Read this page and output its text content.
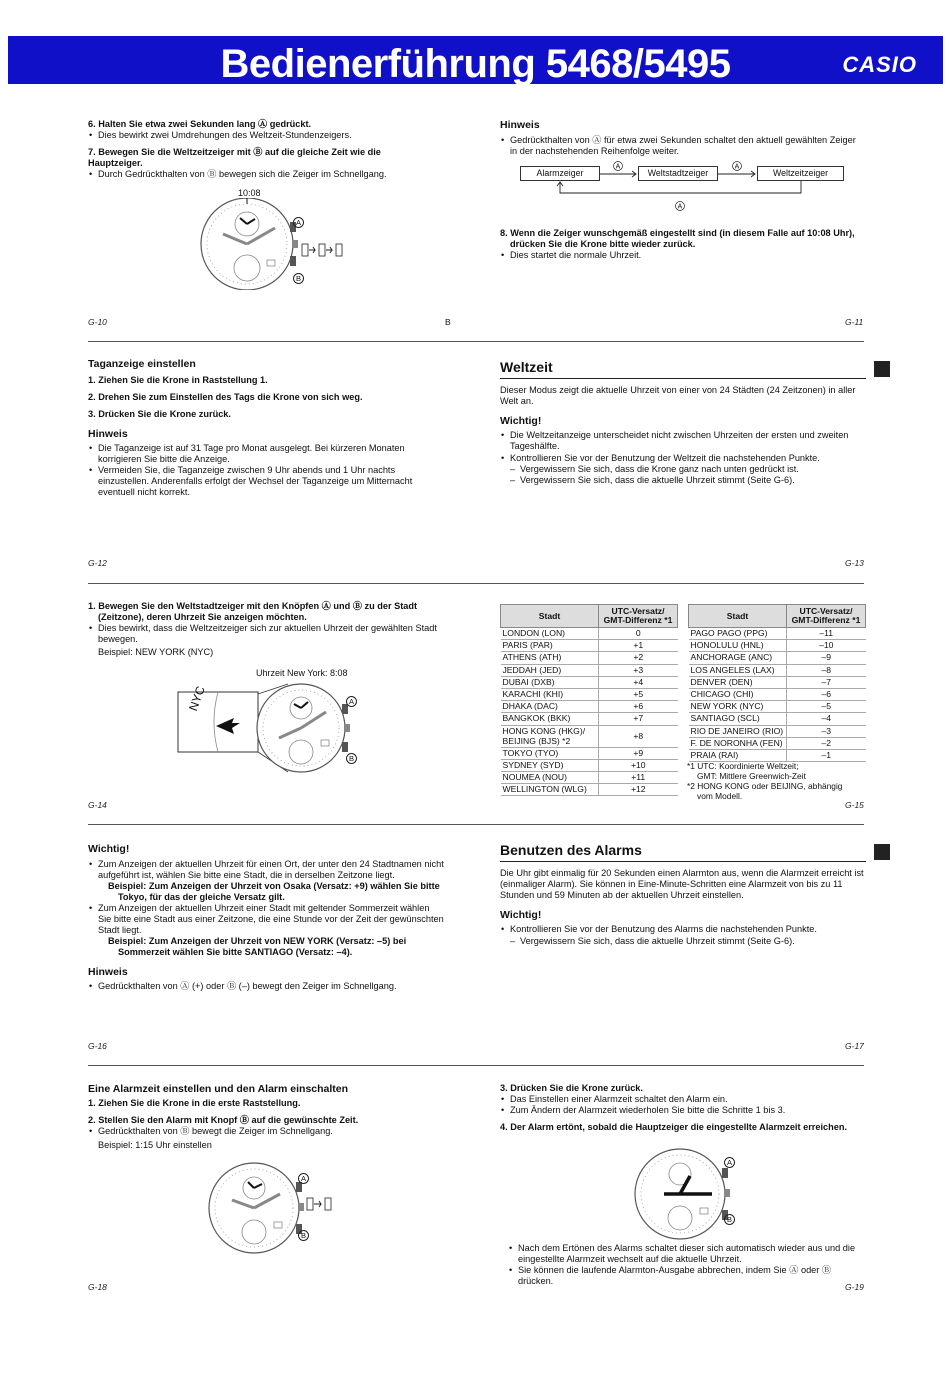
Bedienerführung 5468/5495	CASIO

6. Halten Sie etwa zwei Sekunden lang Ⓐ gedrückt.

• Dies bewirkt zwei Umdrehungen des Weltzeit-Stundenzeigers.

7. Bewegen Sie die Weltzeitzeiger mit Ⓑ auf die gleiche Zeit wie die Hauptzeiger.

• Durch Gedrückthalten von Ⓑ bewegen sich die Zeiger im Schnellgang.
10:08
A
B
G-10	B
Hinweis
• Gedrückthalten von Ⓐ für etwa zwei Sekunden schaltet den aktuell gewählten Zeiger in der nachstehenden Reihenfolge weiter.
Alarmzeiger	Weltstadtzeiger	Weltzeitzeiger
A	A
A

8. Wenn die Zeiger wunschgemäß eingestellt sind (in diesem Falle auf 10:08 Uhr), drücken Sie die Krone bitte wieder zurück.

• Dies startet die normale Uhrzeit.
G-11
Taganzeige einstellen

1. Ziehen Sie die Krone in Raststellung 1.

2. Drehen Sie zum Einstellen des Tags die Krone von sich weg.

3. Drücken Sie die Krone zurück.

Hinweis
• Die Taganzeige ist auf 31 Tage pro Monat ausgelegt. Bei kürzeren Monaten korrigieren Sie bitte die Anzeige.
• Vermeiden Sie, die Taganzeige zwischen 9 Uhr abends und 1 Uhr nachts einzustellen. Anderenfalls erfolgt der Wechsel der Taganzeige um Mitternacht eventuell nicht korrekt.
G-12
Weltzeit

Dieser Modus zeigt die aktuelle Uhrzeit von einer von 24 Städten (24 Zeitzonen) in aller Welt an.

Wichtig!
• Die Weltzeitanzeige unterscheidet nicht zwischen Uhrzeiten der ersten und zweiten Tageshälfte.
• Kontrollieren Sie vor der Benutzung der Weltzeit die nachstehenden Punkte.
– Vergewissern Sie sich, dass die Krone ganz nach unten gedrückt ist.
– Vergewissern Sie sich, dass die aktuelle Uhrzeit stimmt (Seite G-6).
G-13

1. Bewegen Sie den Weltstadtzeiger mit den Knöpfen Ⓐ und Ⓑ zu der Stadt (Zeitzone), deren Uhrzeit Sie anzeigen möchten.

• Dies bewirkt, dass die Weltzeitzeiger sich zur aktuellen Uhrzeit der gewählten Stadt bewegen.

Beispiel: NEW YORK (NYC)

Uhrzeit New York: 8:08
NYC	A
B
G-14
Stadt	UTC-Versatz/ GMT-Differenz *1
LONDON (LON)	0
PARIS (PAR)	+1
ATHENS (ATH)	+2
JEDDAH (JED)	+3
DUBAI (DXB)	+4
KARACHI (KHI)	+5
DHAKA (DAC)	+6
BANGKOK (BKK)	+7
HONG KONG (HKG)/ BEIJING (BJS) *2	+8
TOKYO (TYO)	+9
SYDNEY (SYD)	+10
NOUMEA (NOU)	+11
WELLINGTON (WLG)	+12
Stadt	UTC-Versatz/ GMT-Differenz *1
PAGO PAGO (PPG)	–11
HONOLULU (HNL)	–10
ANCHORAGE (ANC)	–9
LOS ANGELES (LAX)	–8
DENVER (DEN)	–7
CHICAGO (CHI)	–6
NEW YORK (NYC)	–5
SANTIAGO (SCL)	–4
RIO DE JANEIRO (RIO)	–3
F. DE NORONHA (FEN)	–2
PRAIA (RAI)	–1
*1 UTC: Koordinierte Weltzeit;
GMT: Mittlere Greenwich-Zeit
*2 HONG KONG oder BEIJING, abhängig
vom Modell.
G-15
Wichtig!
• Zum Anzeigen der aktuellen Uhrzeit für einen Ort, der unter den 24 Stadtnamen nicht aufgeführt ist, wählen Sie bitte eine Stadt, die in derselben Zeitzone liegt.

Beispiel: Zum Anzeigen der Uhrzeit von Osaka (Versatz: +9) wählen Sie bitte Tokyo, für das der gleiche Versatz gilt.

• Zum Anzeigen der aktuellen Uhrzeit einer Stadt mit geltender Sommerzeit wählen Sie bitte eine Stadt aus einer Zeitzone, die eine Stunde vor der Zeit der gewünschten Stadt liegt.

Beispiel: Zum Anzeigen der Uhrzeit von NEW YORK (Versatz: –5) bei Sommerzeit wählen Sie bitte SANTIAGO (Versatz: –4).

Hinweis
• Gedrückthalten von Ⓐ (+) oder Ⓑ (–) bewegt den Zeiger im Schnellgang.
G-16
Benutzen des Alarms

Die Uhr gibt einmalig für 20 Sekunden einen Alarmton aus, wenn die Alarmzeit erreicht ist (einmaliger Alarm). Sie können in Eine-Minute-Schritten eine Alarmzeit von bis zu 11 Stunden und 59 Minuten ab der aktuellen Uhrzeit einstellen.

Wichtig!
• Kontrollieren Sie vor der Benutzung des Alarms die nachstehenden Punkte.
– Vergewissern Sie sich, dass die aktuelle Uhrzeit stimmt (Seite G-6).
G-17
Eine Alarmzeit einstellen und den Alarm einschalten

1. Ziehen Sie die Krone in die erste Raststellung.

2. Stellen Sie den Alarm mit Knopf Ⓑ auf die gewünschte Zeit.

• Gedrückthalten von Ⓑ bewegt die Zeiger im Schnellgang.

Beispiel: 1:15 Uhr einstellen

A
B
G-18

3. Drücken Sie die Krone zurück.

• Das Einstellen einer Alarmzeit schaltet den Alarm ein.
• Zum Ändern der Alarmzeit wiederholen Sie bitte die Schritte 1 bis 3.

4. Der Alarm ertönt, sobald die Hauptzeiger die eingestellte Alarmzeit erreichen.

A
B
• Nach dem Ertönen des Alarms schaltet dieser sich automatisch wieder aus und die eingestellte Alarmzeit wechselt auf die aktuelle Uhrzeit.
• Sie können die laufende Alarmton-Ausgabe abbrechen, indem Sie Ⓐ oder Ⓑ drücken.
G-19
